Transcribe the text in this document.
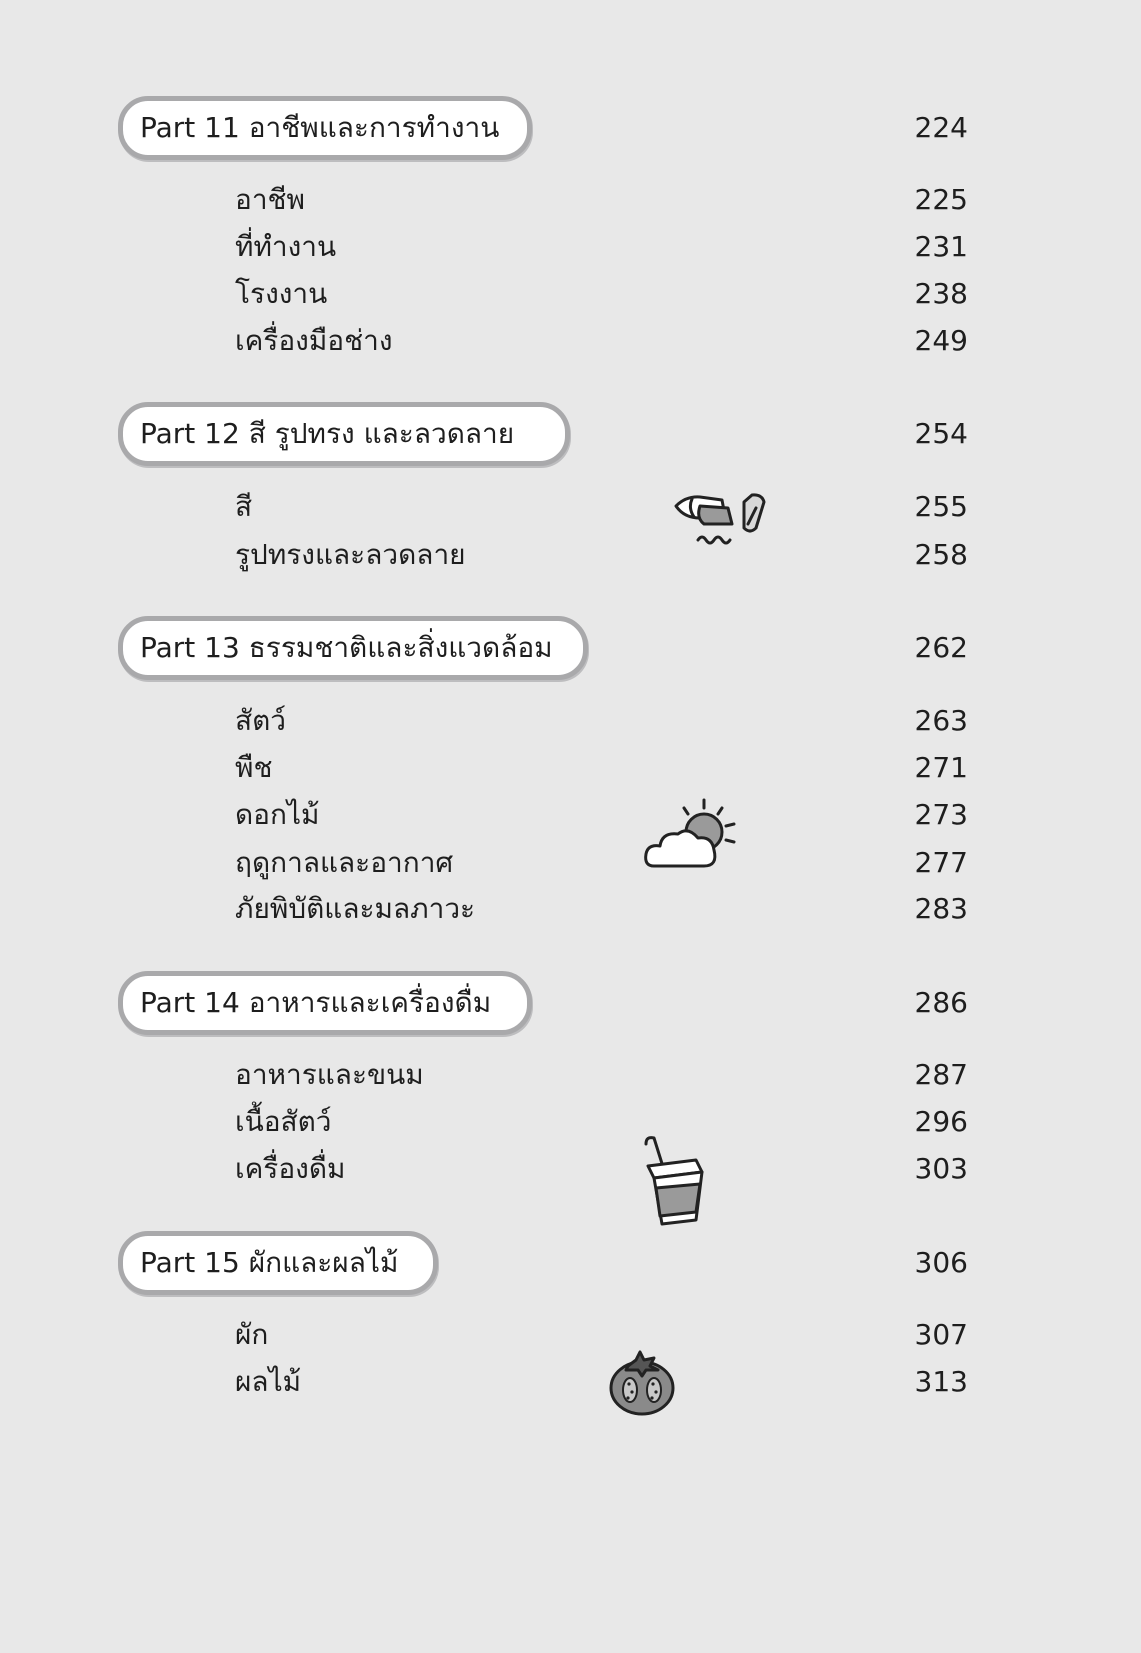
Part 11 อาชีพและการทำงาน	224
อาชีพ	225
ที่ทำงาน	231
โรงงาน	238
เครื่องมือช่าง	249
Part 12 สี รูปทรง และลวดลาย	254
สี	255
รูปทรงและลวดลาย	258
Part 13 ธรรมชาติและสิ่งแวดล้อม	262
สัตว์	263
พืช	271
ดอกไม้	273
ฤดูกาลและอากาศ	277
ภัยพิบัติและมลภาวะ	283
Part 14 อาหารและเครื่องดื่ม	286
อาหารและขนม	287
เนื้อสัตว์	296
เครื่องดื่ม	303
Part 15 ผักและผลไม้	306
ผัก	307
ผลไม้	313
